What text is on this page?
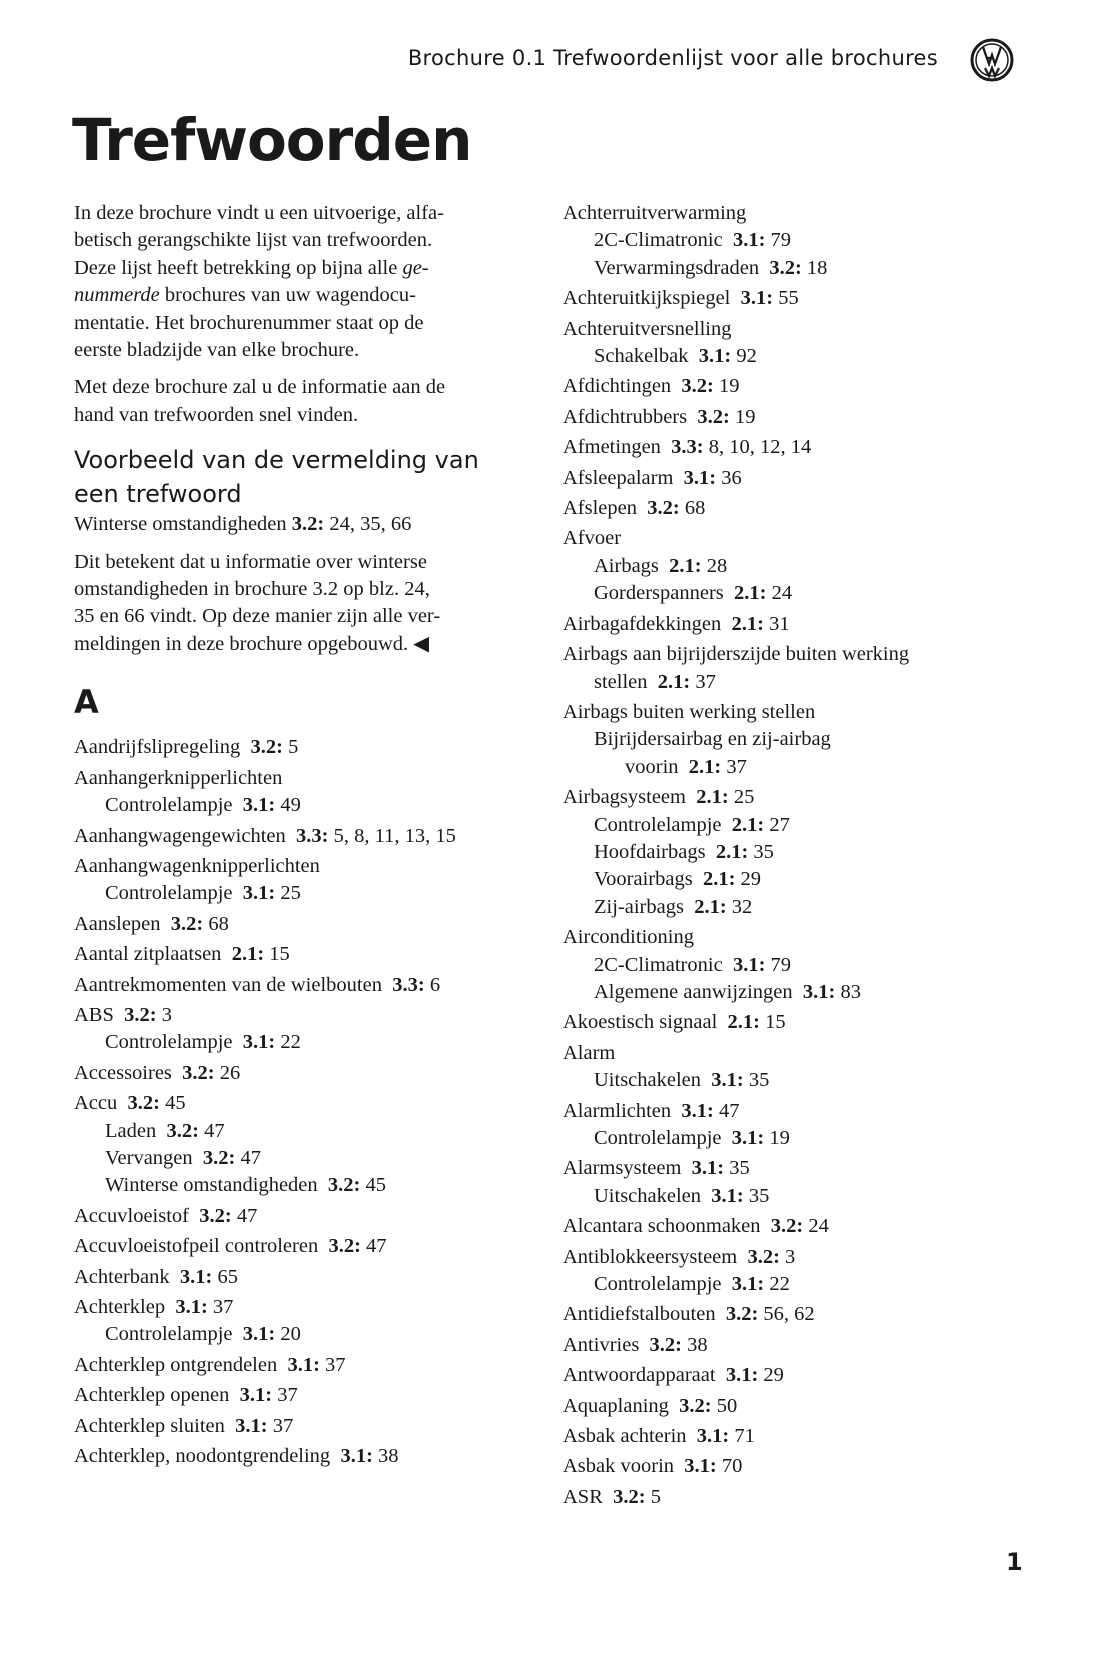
Brochure 0.1 Trefwoordenlijst voor alle brochures
Trefwoorden

In deze brochure vindt u een uitvoerige, alfa-
betisch gerangschikte lijst van trefwoorden.
Deze lijst heeft betrekking op bijna alle ge-
nummerde brochures van uw wagendocu-
mentatie. Het brochurenummer staat op de
eerste bladzijde van elke brochure.

Met deze brochure zal u de informatie aan de
hand van trefwoorden snel vinden.

Voorbeeld van de vermelding van
een trefwoord

Winterse omstandigheden 3.2: 24, 35, 66

Dit betekent dat u informatie over winterse
omstandigheden in brochure 3.2 op blz. 24,
35 en 66 vindt. Op deze manier zijn alle ver-
meldingen in deze brochure opgebouwd. ◀

A
Aandrijfslipregeling 3.2: 5
Aanhangerknipperlichten
Controlelampje 3.1: 49
Aanhangwagengewichten 3.3: 5, 8, 11, 13, 15
Aanhangwagenknipperlichten
Controlelampje 3.1: 25
Aanslepen 3.2: 68
Aantal zitplaatsen 2.1: 15
Aantrekmomenten van de wielbouten 3.3: 6
ABS 3.2: 3
Controlelampje 3.1: 22
Accessoires 3.2: 26
Accu 3.2: 45
Laden 3.2: 47
Vervangen 3.2: 47
Winterse omstandigheden 3.2: 45
Accuvloeistof 3.2: 47
Accuvloeistofpeil controleren 3.2: 47
Achterbank 3.1: 65
Achterklep 3.1: 37
Controlelampje 3.1: 20
Achterklep ontgrendelen 3.1: 37
Achterklep openen 3.1: 37
Achterklep sluiten 3.1: 37
Achterklep, noodontgrendeling 3.1: 38
Achterruitverwarming
2C-Climatronic 3.1: 79
Verwarmingsdraden 3.2: 18
Achteruitkijkspiegel 3.1: 55
Achteruitversnelling
Schakelbak 3.1: 92
Afdichtingen 3.2: 19
Afdichtrubbers 3.2: 19
Afmetingen 3.3: 8, 10, 12, 14
Afsleepalarm 3.1: 36
Afslepen 3.2: 68
Afvoer
Airbags 2.1: 28
Gorderspanners 2.1: 24
Airbagafdekkingen 2.1: 31
Airbags aan bijrijderszijde buiten werking
stellen 2.1: 37
Airbags buiten werking stellen
Bijrijdersairbag en zij-airbag
voorin 2.1: 37
Airbagsysteem 2.1: 25
Controlelampje 2.1: 27
Hoofdairbags 2.1: 35
Voorairbags 2.1: 29
Zij-airbags 2.1: 32
Airconditioning
2C-Climatronic 3.1: 79
Algemene aanwijzingen 3.1: 83
Akoestisch signaal 2.1: 15
Alarm
Uitschakelen 3.1: 35
Alarmlichten 3.1: 47
Controlelampje 3.1: 19
Alarmsysteem 3.1: 35
Uitschakelen 3.1: 35
Alcantara schoonmaken 3.2: 24
Antiblokkeersysteem 3.2: 3
Controlelampje 3.1: 22
Antidiefstalbouten 3.2: 56, 62
Antivries 3.2: 38
Antwoordapparaat 3.1: 29
Aquaplaning 3.2: 50
Asbak achterin 3.1: 71
Asbak voorin 3.1: 70
ASR 3.2: 5
1
